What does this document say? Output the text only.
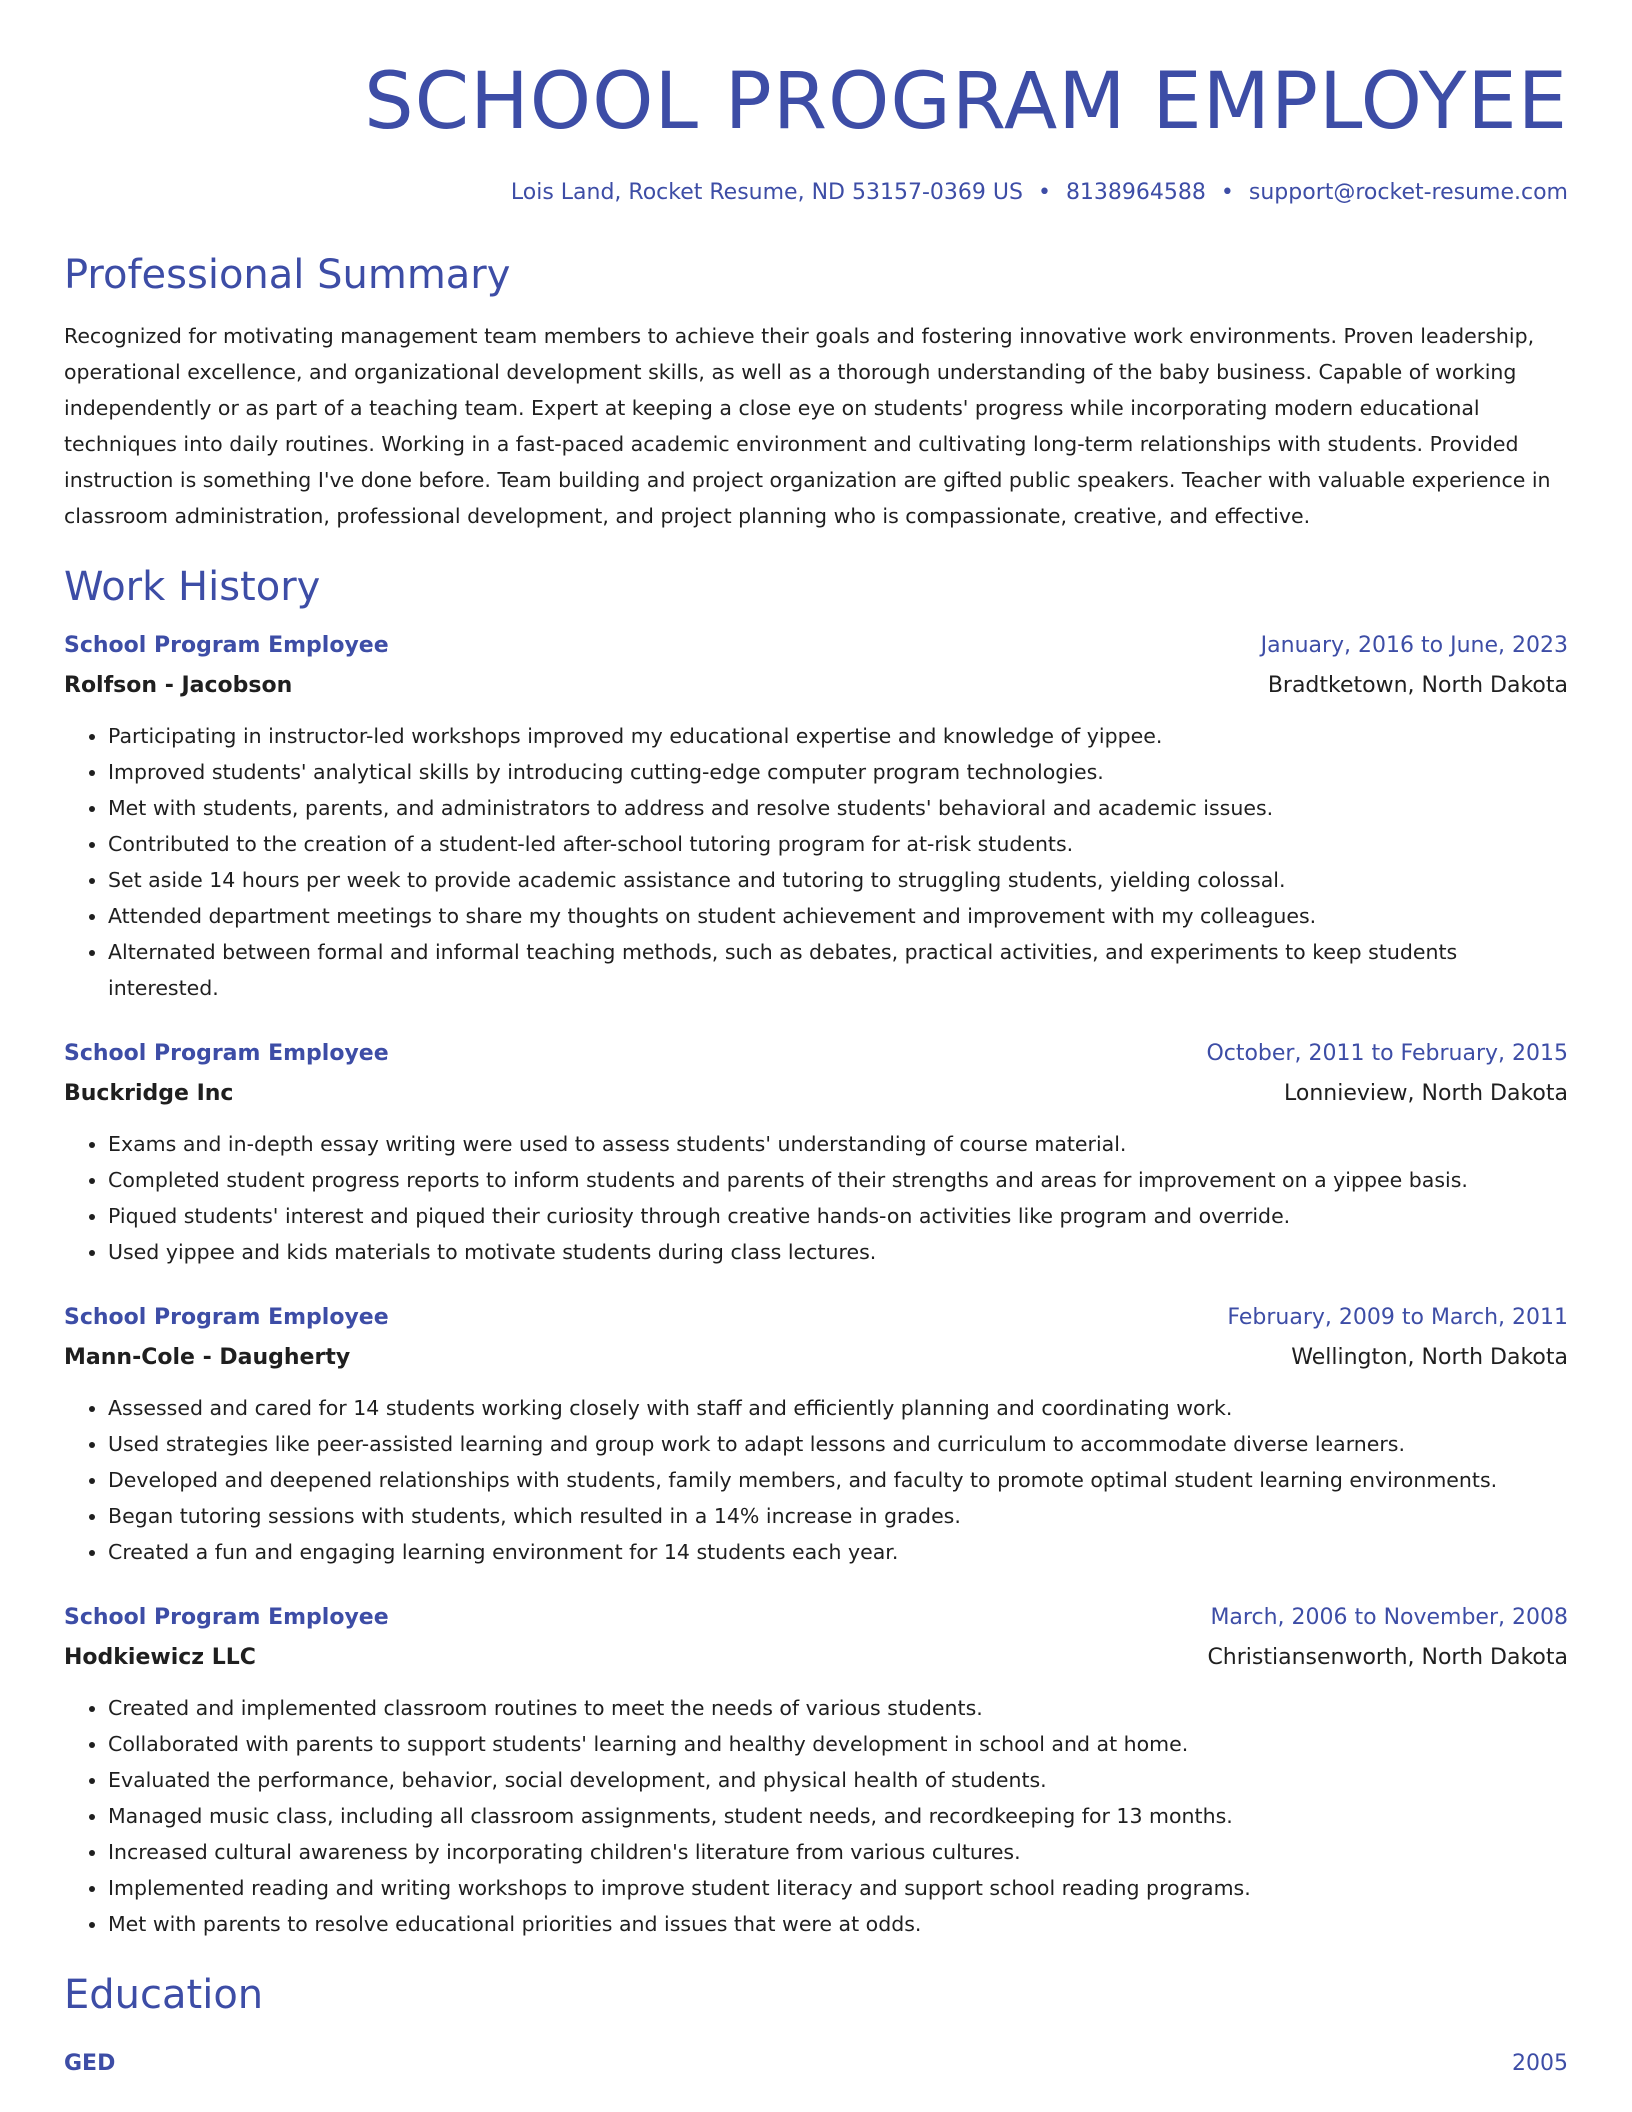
SCHOOL PROGRAM EMPLOYEE
Lois Land, Rocket Resume, ND 53157-0369 US • 8138964588 • support@rocket-resume.com
Professional Summary

Recognized for motivating management team members to achieve their goals and fostering innovative work environments. Proven leadership, operational excellence, and organizational development skills, as well as a thorough understanding of the baby business. Capable of working independently or as part of a teaching team. Expert at keeping a close eye on students' progress while incorporating modern educational techniques into daily routines. Working in a fast-paced academic environment and cultivating long-term relationships with students. Provided instruction is something I've done before. Team building and project organization are gifted public speakers. Teacher with valuable experience in classroom administration, professional development, and project planning who is compassionate, creative, and effective.

Work History
School Program Employee	January, 2016 to June, 2023
Rolfson - Jacobson	Bradtketown, North Dakota
• Participating in instructor-led workshops improved my educational expertise and knowledge of yippee.
• Improved students' analytical skills by introducing cutting-edge computer program technologies.
• Met with students, parents, and administrators to address and resolve students' behavioral and academic issues.
• Contributed to the creation of a student-led after-school tutoring program for at-risk students.
• Set aside 14 hours per week to provide academic assistance and tutoring to struggling students, yielding colossal.
• Attended department meetings to share my thoughts on student achievement and improvement with my colleagues.
• Alternated between formal and informal teaching methods, such as debates, practical activities, and experiments to keep students interested.
School Program Employee	October, 2011 to February, 2015
Buckridge Inc	Lonnieview, North Dakota
• Exams and in-depth essay writing were used to assess students' understanding of course material.
• Completed student progress reports to inform students and parents of their strengths and areas for improvement on a yippee basis.
• Piqued students' interest and piqued their curiosity through creative hands-on activities like program and override.
• Used yippee and kids materials to motivate students during class lectures.
School Program Employee	February, 2009 to March, 2011
Mann-Cole - Daugherty	Wellington, North Dakota
• Assessed and cared for 14 students working closely with staff and efficiently planning and coordinating work.
• Used strategies like peer-assisted learning and group work to adapt lessons and curriculum to accommodate diverse learners.
• Developed and deepened relationships with students, family members, and faculty to promote optimal student learning environments.
• Began tutoring sessions with students, which resulted in a 14% increase in grades.
• Created a fun and engaging learning environment for 14 students each year.
School Program Employee	March, 2006 to November, 2008
Hodkiewicz LLC	Christiansenworth, North Dakota
• Created and implemented classroom routines to meet the needs of various students.
• Collaborated with parents to support students' learning and healthy development in school and at home.
• Evaluated the performance, behavior, social development, and physical health of students.
• Managed music class, including all classroom assignments, student needs, and recordkeeping for 13 months.
• Increased cultural awareness by incorporating children's literature from various cultures.
• Implemented reading and writing workshops to improve student literacy and support school reading programs.
• Met with parents to resolve educational priorities and issues that were at odds.
Education
GED	2005
